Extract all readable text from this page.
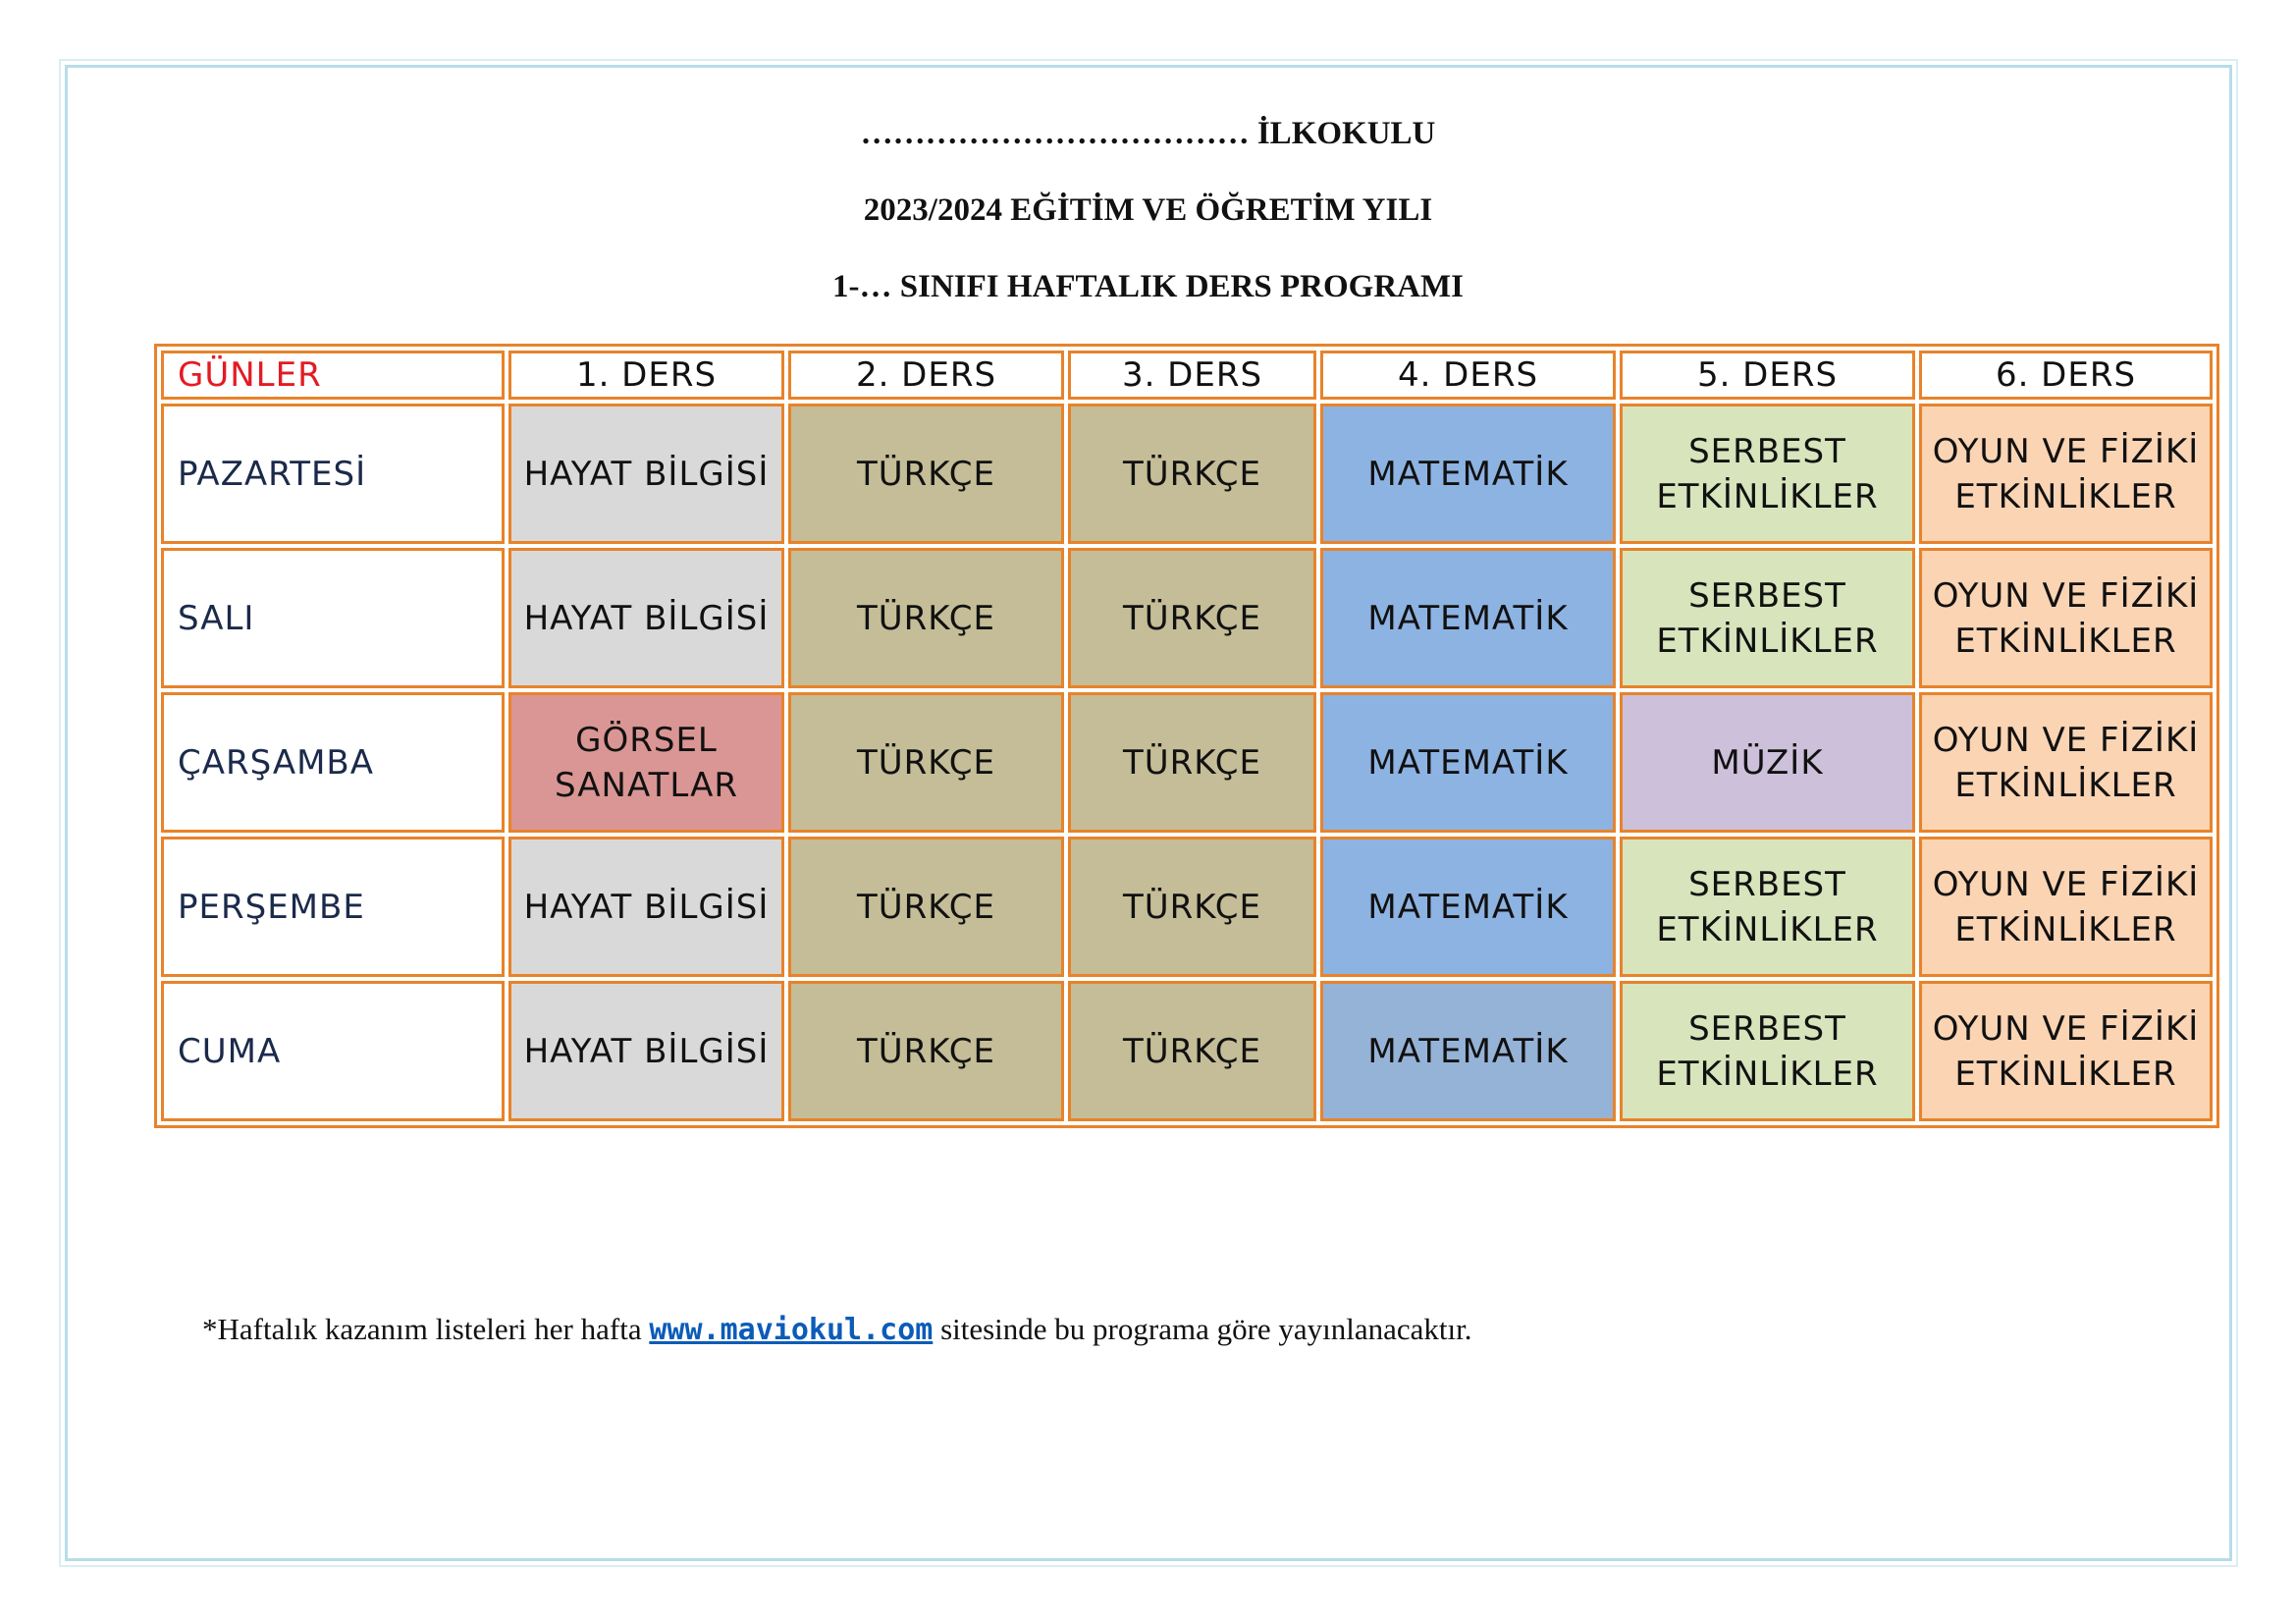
……………………………… İLKOKULU
2023/2024 EĞİTİM VE ÖĞRETİM YILI
1-… SINIFI HAFTALIK DERS PROGRAMI
GÜNLER	1. DERS	2. DERS	3. DERS	4. DERS	5. DERS	6. DERS
PAZARTESİ	HAYAT BİLGİSİ	TÜRKÇE	TÜRKÇE	MATEMATİK	SERBEST ETKİNLİKLER	OYUN VE FİZİKİ ETKİNLİKLER
SALI	HAYAT BİLGİSİ	TÜRKÇE	TÜRKÇE	MATEMATİK	SERBEST ETKİNLİKLER	OYUN VE FİZİKİ ETKİNLİKLER
ÇARŞAMBA	GÖRSEL SANATLAR	TÜRKÇE	TÜRKÇE	MATEMATİK	MÜZİK	OYUN VE FİZİKİ ETKİNLİKLER
PERŞEMBE	HAYAT BİLGİSİ	TÜRKÇE	TÜRKÇE	MATEMATİK	SERBEST ETKİNLİKLER	OYUN VE FİZİKİ ETKİNLİKLER
CUMA	HAYAT BİLGİSİ	TÜRKÇE	TÜRKÇE	MATEMATİK	SERBEST ETKİNLİKLER	OYUN VE FİZİKİ ETKİNLİKLER
*Haftalık kazanım listeleri her hafta www.maviokul.com sitesinde bu programa göre yayınlanacaktır.
